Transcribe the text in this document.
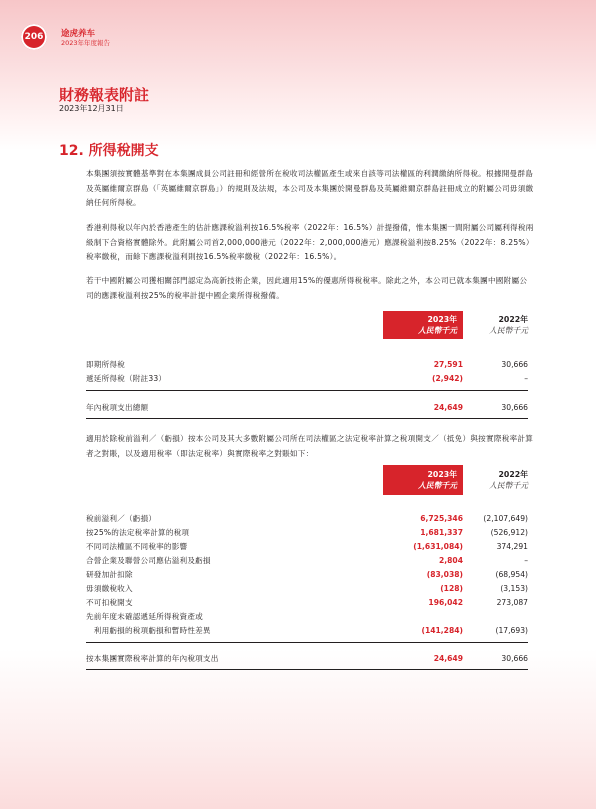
206	途虎养车
2023年年度報告
財務報表附註
2023年12月31日
12. 所得稅開支
本集團須按實體基準對在本集團成員公司註冊和經營所在稅收司法權區產生或來自該等司法權區的利潤繳納所得稅。根據開曼群島及英屬維爾京群島（「英屬維爾京群島」）的規則及法規，本公司及本集團於開曼群島及英屬維爾京群島註冊成立的附屬公司毋須繳納任何所得稅。
香港利得稅以年內於香港產生的估計應課稅溢利按16.5%稅率（2022年：16.5%）計提撥備，惟本集團一間附屬公司屬利得稅兩級制下合資格實體除外。此附屬公司首2,000,000港元（2022年：2,000,000港元）應課稅溢利按8.25%（2022年：8.25%）稅率繳稅，而餘下應課稅溢利則按16.5%稅率繳稅（2022年：16.5%）。
若干中國附屬公司獲相關部門認定為高新技術企業，因此適用15%的優惠所得稅稅率。除此之外，本公司已就本集團中國附屬公司的應課稅溢利按25%的稅率計提中國企業所得稅撥備。
2023年
人民幣千元
2022年
人民幣千元
即期所得稅	27,591	30,666
遞延所得稅（附註33）	(2,942)	–
年內稅項支出總額	24,649	30,666
適用於除稅前溢利／（虧損）按本公司及其大多數附屬公司所在司法權區之法定稅率計算之稅項開支／（抵免）與按實際稅率計算者之對賬，以及適用稅率（即法定稅率）與實際稅率之對賬如下：
2023年
人民幣千元
2022年
人民幣千元
稅前溢利／（虧損）	6,725,346	(2,107,649)
按25%的法定稅率計算的稅項	1,681,337	(526,912)
不同司法權區不同稅率的影響	(1,631,084)	374,291
合營企業及聯營公司應佔溢利及虧損	2,804	–
研發加計扣除	(83,038)	(68,954)
毋須繳稅收入	(128)	(3,153)
不可扣稅開支	196,042	273,087
先前年度未確認遞延所得稅資產或
　利用虧損的稅項虧損和暫時性差異	(141,284)	(17,693)
按本集團實際稅率計算的年內稅項支出	24,649	30,666
